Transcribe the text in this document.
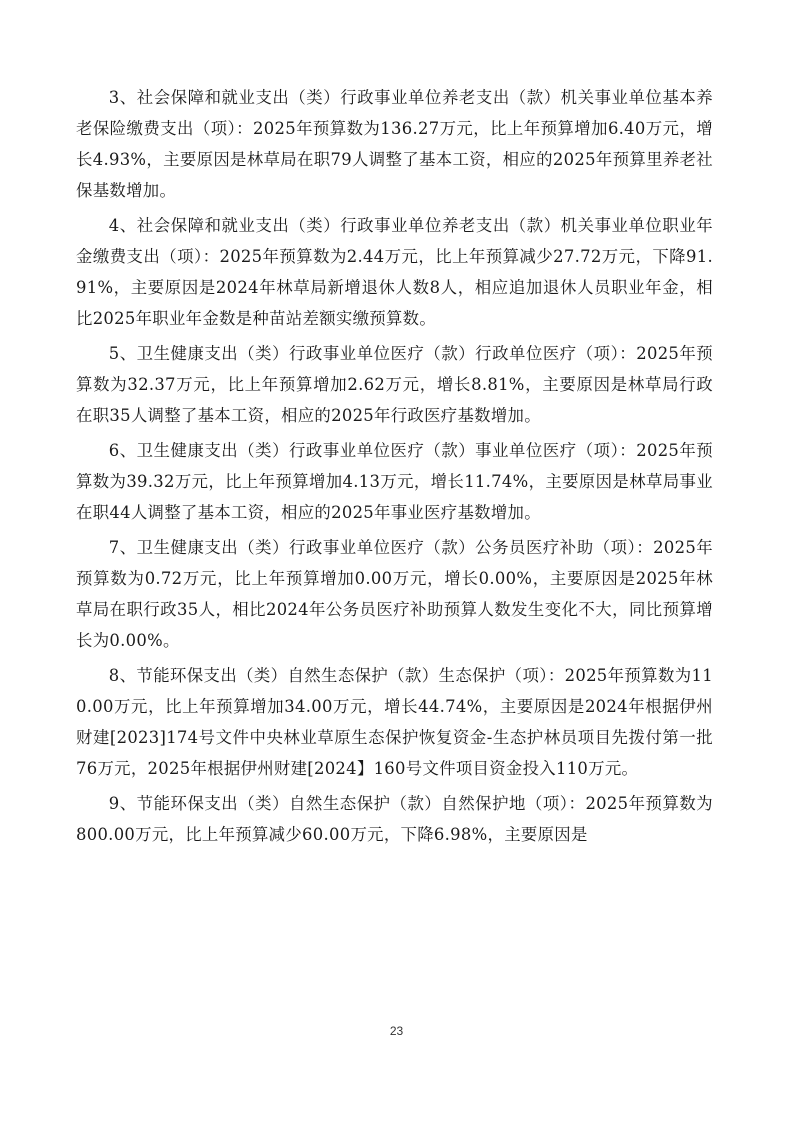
3、社会保障和就业支出（类）行政事业单位养老支出（款）机关事业单位基本养老保险缴费支出（项）：2025年预算数为136.27万元，比上年预算增加6.40万元，增长4.93%，主要原因是林草局在职79人调整了基本工资，相应的2025年预算里养老社保基数增加。

4、社会保障和就业支出（类）行政事业单位养老支出（款）机关事业单位职业年金缴费支出（项）：2025年预算数为2.44万元，比上年预算减少27.72万元，下降91.91%，主要原因是2024年林草局新增退休人数8人，相应追加退休人员职业年金，相比2025年职业年金数是种苗站差额实缴预算数。

5、卫生健康支出（类）行政事业单位医疗（款）行政单位医疗（项）：2025年预算数为32.37万元，比上年预算增加2.62万元，增长8.81%，主要原因是林草局行政在职35人调整了基本工资，相应的2025年行政医疗基数增加。

6、卫生健康支出（类）行政事业单位医疗（款）事业单位医疗（项）：2025年预算数为39.32万元，比上年预算增加4.13万元，增长11.74%，主要原因是林草局事业在职44人调整了基本工资，相应的2025年事业医疗基数增加。

7、卫生健康支出（类）行政事业单位医疗（款）公务员医疗补助（项）：2025年预算数为0.72万元，比上年预算增加0.00万元，增长0.00%，主要原因是2025年林草局在职行政35人，相比2024年公务员医疗补助预算人数发生变化不大，同比预算增长为0.00%。

8、节能环保支出（类）自然生态保护（款）生态保护（项）：2025年预算数为110.00万元，比上年预算增加34.00万元，增长44.74%，主要原因是2024年根据伊州财建[2023]174号文件中央林业草原生态保护恢复资金-生态护林员项目先拨付第一批76万元，2025年根据伊州财建[2024】160号文件项目资金投入110万元。

9、节能环保支出（类）自然生态保护（款）自然保护地（项）：2025年预算数为800.00万元，比上年预算减少60.00万元，下降6.98%，主要原因是

23
